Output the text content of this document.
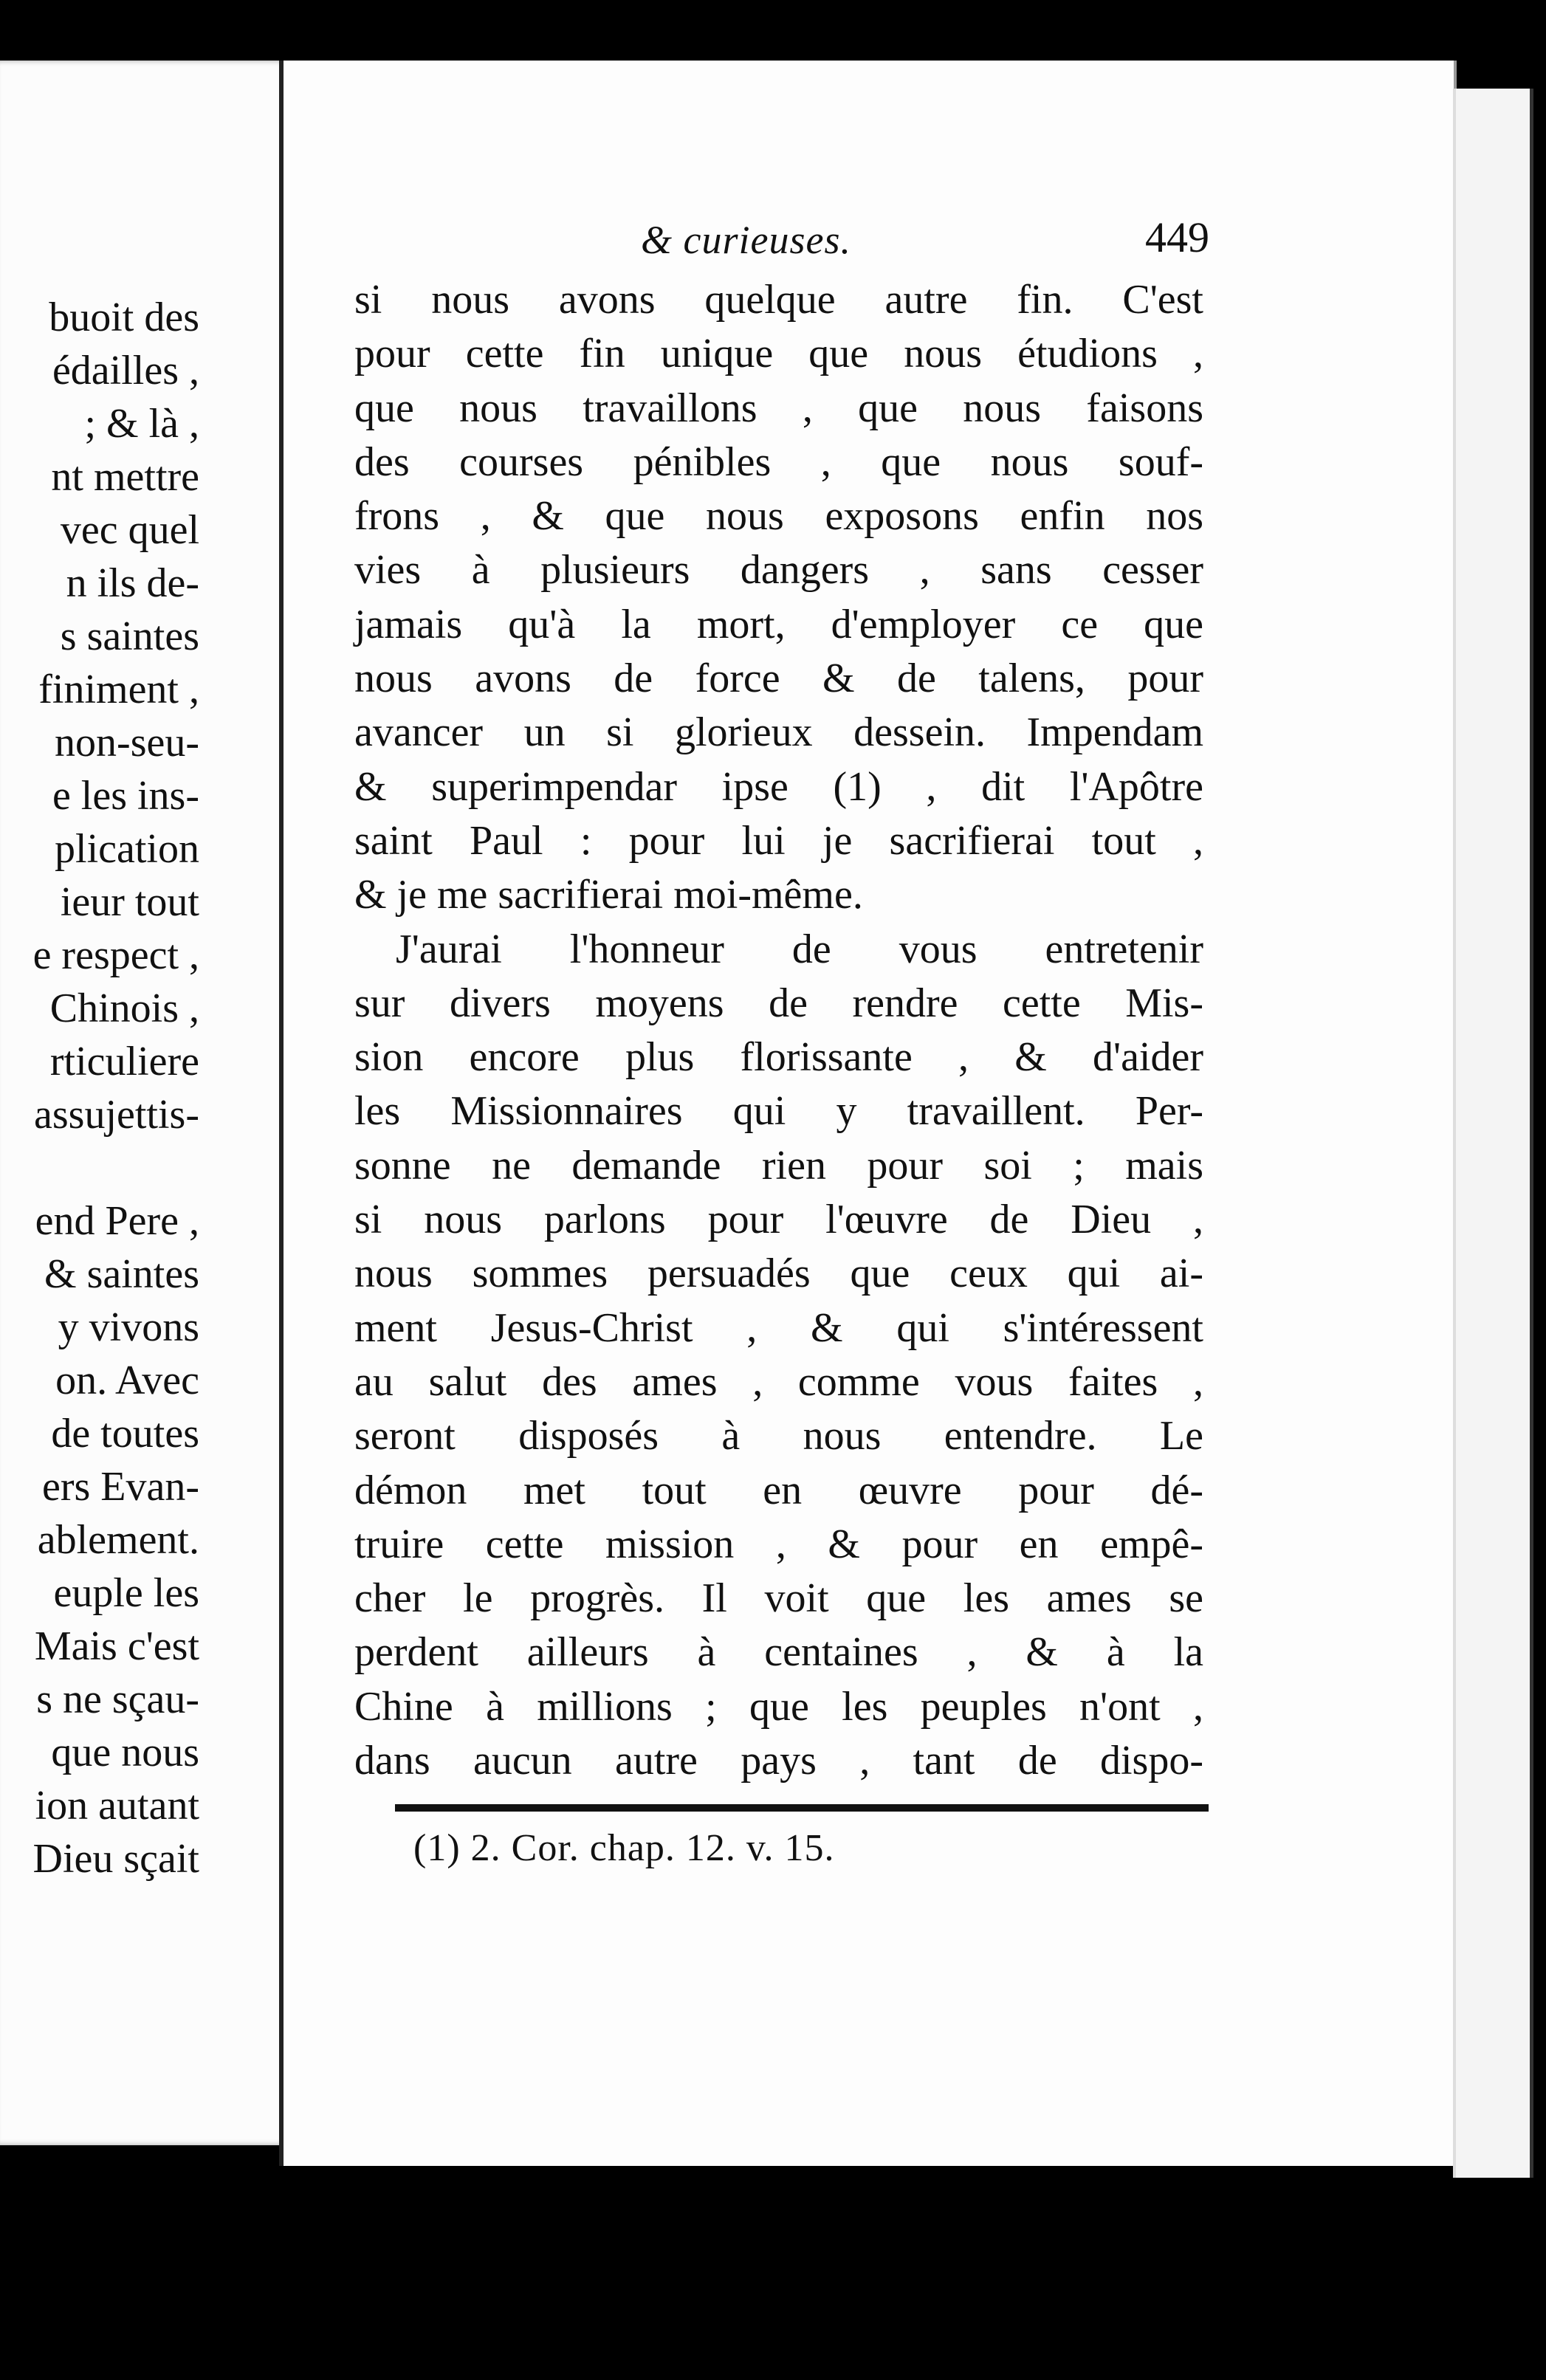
buoit des
édailles ,
; & là ,
nt mettre
vec quel
n ils de-
s saintes
finiment ,
non-seu-
e les ins-
plication
ieur tout
e respect ,
Chinois ,
rticuliere
assujettis-
end Pere ,
& saintes
y vivons
on. Avec
de toutes
ers Evan-
ablement.
euple les
Mais c'est
s ne sçau-
que nous
ion autant
Dieu sçait
& curieuses.	449
si nous avons quelque autre fin. C'est
pour cette fin unique que nous étudions ,
que nous travaillons , que nous faisons
des courses pénibles , que nous souf-
frons , & que nous exposons enfin nos
vies à plusieurs dangers , sans cesser
jamais qu'à la mort, d'employer ce que
nous avons de force & de talens, pour
avancer un si glorieux dessein. Impendam
& superimpendar ipse (1) , dit l'Apôtre
saint Paul : pour lui je sacrifierai tout ,
& je me sacrifierai moi-même.
J'aurai l'honneur de vous entretenir
sur divers moyens de rendre cette Mis-
sion encore plus florissante , & d'aider
les Missionnaires qui y travaillent. Per-
sonne ne demande rien pour soi ; mais
si nous parlons pour l'œuvre de Dieu ,
nous sommes persuadés que ceux qui ai-
ment Jesus-Christ , & qui s'intéressent
au salut des ames , comme vous faites ,
seront disposés à nous entendre. Le
démon met tout en œuvre pour dé-
truire cette mission , & pour en empê-
cher le progrès. Il voit que les ames se
perdent ailleurs à centaines , & à la
Chine à millions ; que les peuples n'ont ,
dans aucun autre pays , tant de dispo-
(1) 2. Cor. chap. 12. v. 15.
